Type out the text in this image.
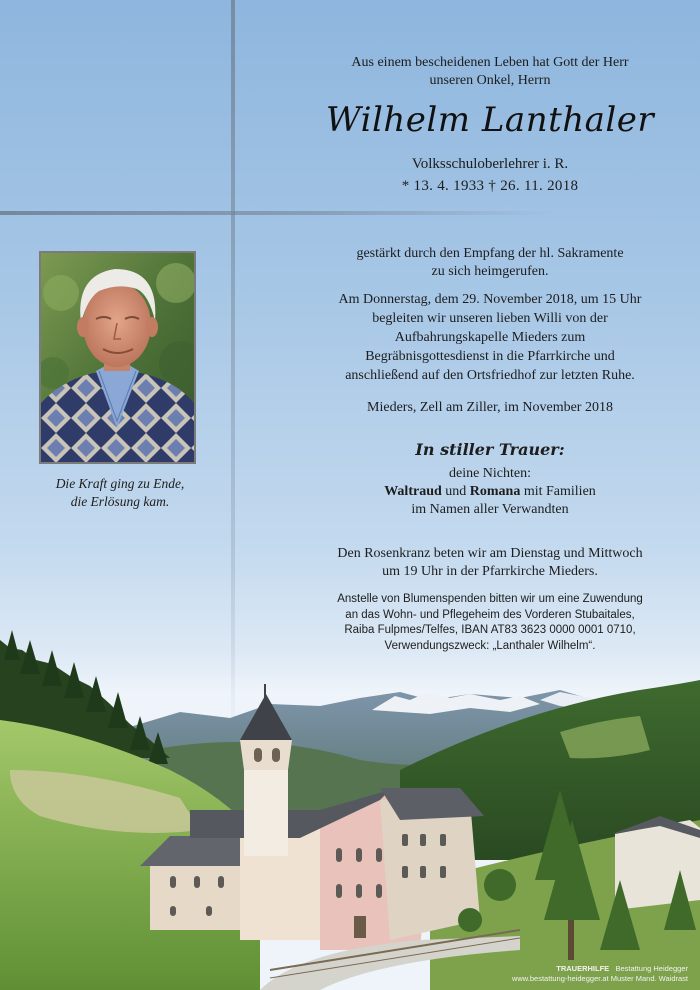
Aus einem bescheidenen Leben hat Gott der Herr
unseren Onkel, Herrn
Wilhelm Lanthaler
Volksschuloberlehrer i. R.
* 13. 4. 1933 † 26. 11. 2018
gestärkt durch den Empfang der hl. Sakramente
zu sich heimgerufen.
Am Donnerstag, dem 29. November 2018, um 15 Uhr
begleiten wir unseren lieben Willi von der
Aufbahrungskapelle Mieders zum
Begräbnisgottesdienst in die Pfarrkirche und
anschließend auf den Ortsfriedhof zur letzten Ruhe.
Mieders, Zell am Ziller, im November 2018
In stiller Trauer:
deine Nichten:
Waltraud und Romana mit Familien
im Namen aller Verwandten
Den Rosenkranz beten wir am Dienstag und Mittwoch
um 19 Uhr in der Pfarrkirche Mieders.
Anstelle von Blumenspenden bitten wir um eine Zuwendung
an das Wohn- und Pflegeheim des Vorderen Stubaitales,
Raiba Fulpmes/Telfes, IBAN AT83 3623 0000 0001 0710,
Verwendungszweck: „Lanthaler Wilhelm“.
Die Kraft ging zu Ende,
die Erlösung kam.
TRAUERHILFE Bestattung Heidegger
www.bestattung-heidegger.at Muster Mand. Waidrast
